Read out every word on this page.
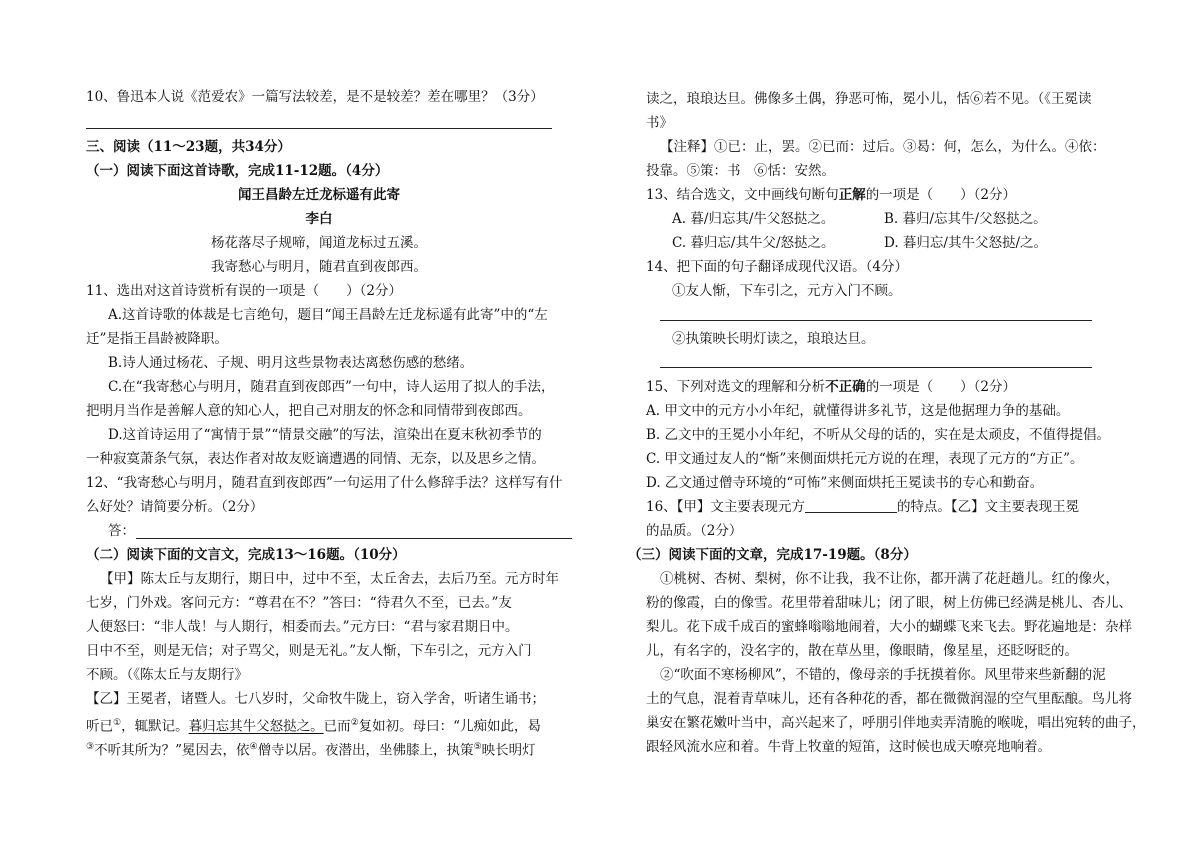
10、鲁迅本人说《范爱农》一篇写法较差，是不是较差？差在哪里？（3分）
三、阅读（11～23题，共34分）
（一）阅读下面这首诗歌，完成11-12题。（4分）
闻王昌龄左迁龙标遥有此寄
李白
杨花落尽子规啼，闻道龙标过五溪。
我寄愁心与明月，随君直到夜郎西。
11、选出对这首诗赏析有误的一项是（　　）（2分）
A.这首诗歌的体裁是七言绝句，题目“闻王昌龄左迁龙标遥有此寄”中的“左
迁”是指王昌龄被降职。
B.诗人通过杨花、子规、明月这些景物表达离愁伤感的愁绪。
C.在“我寄愁心与明月，随君直到夜郎西”一句中，诗人运用了拟人的手法，
把明月当作是善解人意的知心人，把自己对朋友的怀念和同情带到夜郎西。
D.这首诗运用了“寓情于景”“情景交融”的写法，渲染出在夏末秋初季节的
一种寂寞萧条气氛，表达作者对故友贬谪遭遇的同情、无奈，以及思乡之情。
12、“我寄愁心与明月，随君直到夜郎西”一句运用了什么修辞手法？这样写有什
么好处？请简要分析。（2分）
答：
（二）阅读下面的文言文，完成13～16题。（10分）
【甲】陈太丘与友期行，期日中，过中不至，太丘舍去，去后乃至。元方时年
七岁，门外戏。客问元方：“尊君在不？”答曰：“待君久不至，已去。”友
人便怒曰：“非人哉！与人期行，相委而去。”元方曰：“君与家君期日中。
日中不至，则是无信；对子骂父，则是无礼。”友人惭，下车引之，元方入门
不顾。（《陈太丘与友期行》
【乙】王冕者，诸暨人。七八岁时，父命牧牛陇上，窃入学舍，听诸生诵书；
听已①，辄默记。暮归忘其牛父怒挞之。已而②复如初。母曰：“儿痴如此，曷
③不听其所为？”冕因去，依④僧寺以居。夜潜出，坐佛膝上，执策⑤映长明灯
读之，琅琅达旦。佛像多土偶，狰恶可怖，冕小儿，恬⑥若不见。（《王冕读
书》
【注释】①已：止，罢。②已而：过后。③曷：何，怎么，为什么。④依：
投靠。⑤策：书　⑥恬：安然。
13、结合选文，文中画线句断句正解的一项是（　　）（2分）
A. 暮/归忘其/牛父怒挞之。	B. 暮归/忘其牛/父怒挞之。
C. 暮归忘/其牛父/怒挞之。	D. 暮归忘/其牛父怒挞/之。
14、把下面的句子翻译成现代汉语。（4分）
①友人惭，下车引之，元方入门不顾。
②执策映长明灯读之，琅琅达旦。
15、下列对选文的理解和分析不正确的一项是（　　）（2分）
A. 甲文中的元方小小年纪，就懂得讲多礼节，这是他据理力争的基础。
B. 乙文中的王冕小小年纪，不听从父母的话的，实在是太顽皮，不值得提倡。
C. 甲文通过友人的“惭”来侧面烘托元方说的在理，表现了元方的“方正”。
D. 乙文通过僧寺环境的“可怖”来侧面烘托王冕读书的专心和勤奋。
16、【甲】文主要表现元方	的特点。【乙】文主要表现王冕
的品质。（2分）
（三）阅读下面的文章，完成17-19题。（8分）
①桃树、杏树、梨树，你不让我，我不让你，都开满了花赶趟儿。红的像火，
粉的像霞，白的像雪。花里带着甜味儿；闭了眼，树上仿佛已经满是桃儿、杏儿、
梨儿。花下成千成百的蜜蜂嗡嗡地闹着，大小的蝴蝶飞来飞去。野花遍地是：杂样
儿，有名字的，没名字的，散在草丛里，像眼睛，像星星，还眨呀眨的。
②“吹面不寒杨柳风”，不错的，像母亲的手抚摸着你。风里带来些新翻的泥
土的气息，混着青草味儿，还有各种花的香，都在微微润湿的空气里酝酿。鸟儿将
巢安在繁花嫩叶当中，高兴起来了，呼朋引伴地卖弄清脆的喉咙，唱出宛转的曲子，
跟轻风流水应和着。牛背上牧童的短笛，这时候也成天嘹亮地响着。
